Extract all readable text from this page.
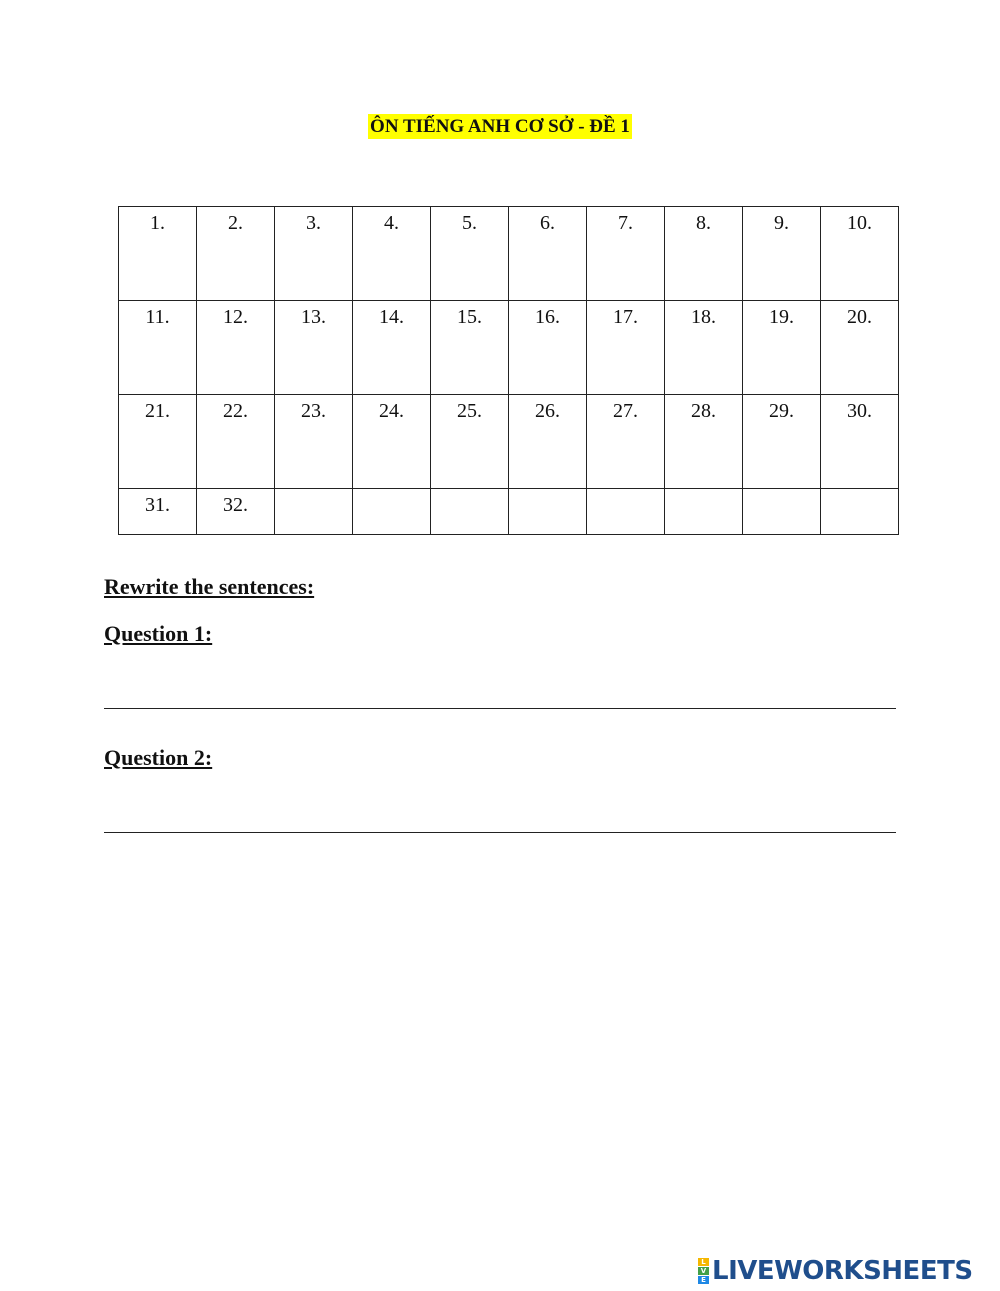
ÔN TIẾNG ANH CƠ SỞ - ĐỀ 1
1.	2.	3.	4.	5.	6.	7.	8.	9.	10.
11.	12.	13.	14.	15.	16.	17.	18.	19.	20.
21.	22.	23.	24.	25.	26.	27.	28.	29.	30.
31.	32.								
Rewrite the sentences:
Question 1:
Question 2:
L
V
E LIVEWORKSHEETS
